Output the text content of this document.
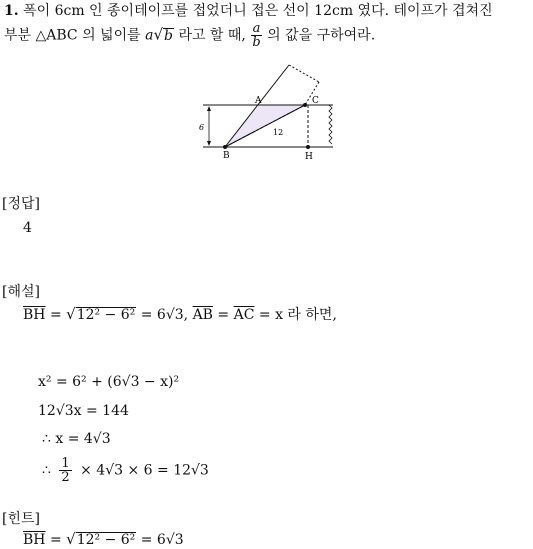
1. 폭이 6cm 인 종이테이프를 접었더니 접은 선이 12cm 였다. 테이프가 겹쳐진
부분 △ABC 의 넓이를 a√b 라고 할 때, $\frac{a}{b}$ 의 값을 구하여라.
A	C
B	H
6
12
[정답]
4
[해설]
$\overline{BH} = √12^2 - 6^2 = 6√3$, $\overline{AB} = \overline{AC} = x$ 라 하면,
x² = 6² + (6√3 − x)²
12√3x = 144
∴ x = 4√3
∴ $\frac{1}{2} \times 4√3 \times 6 = 12√3$
[힌트]
$\overline{BH} = √12^2 - 6^2 = 6√3$
